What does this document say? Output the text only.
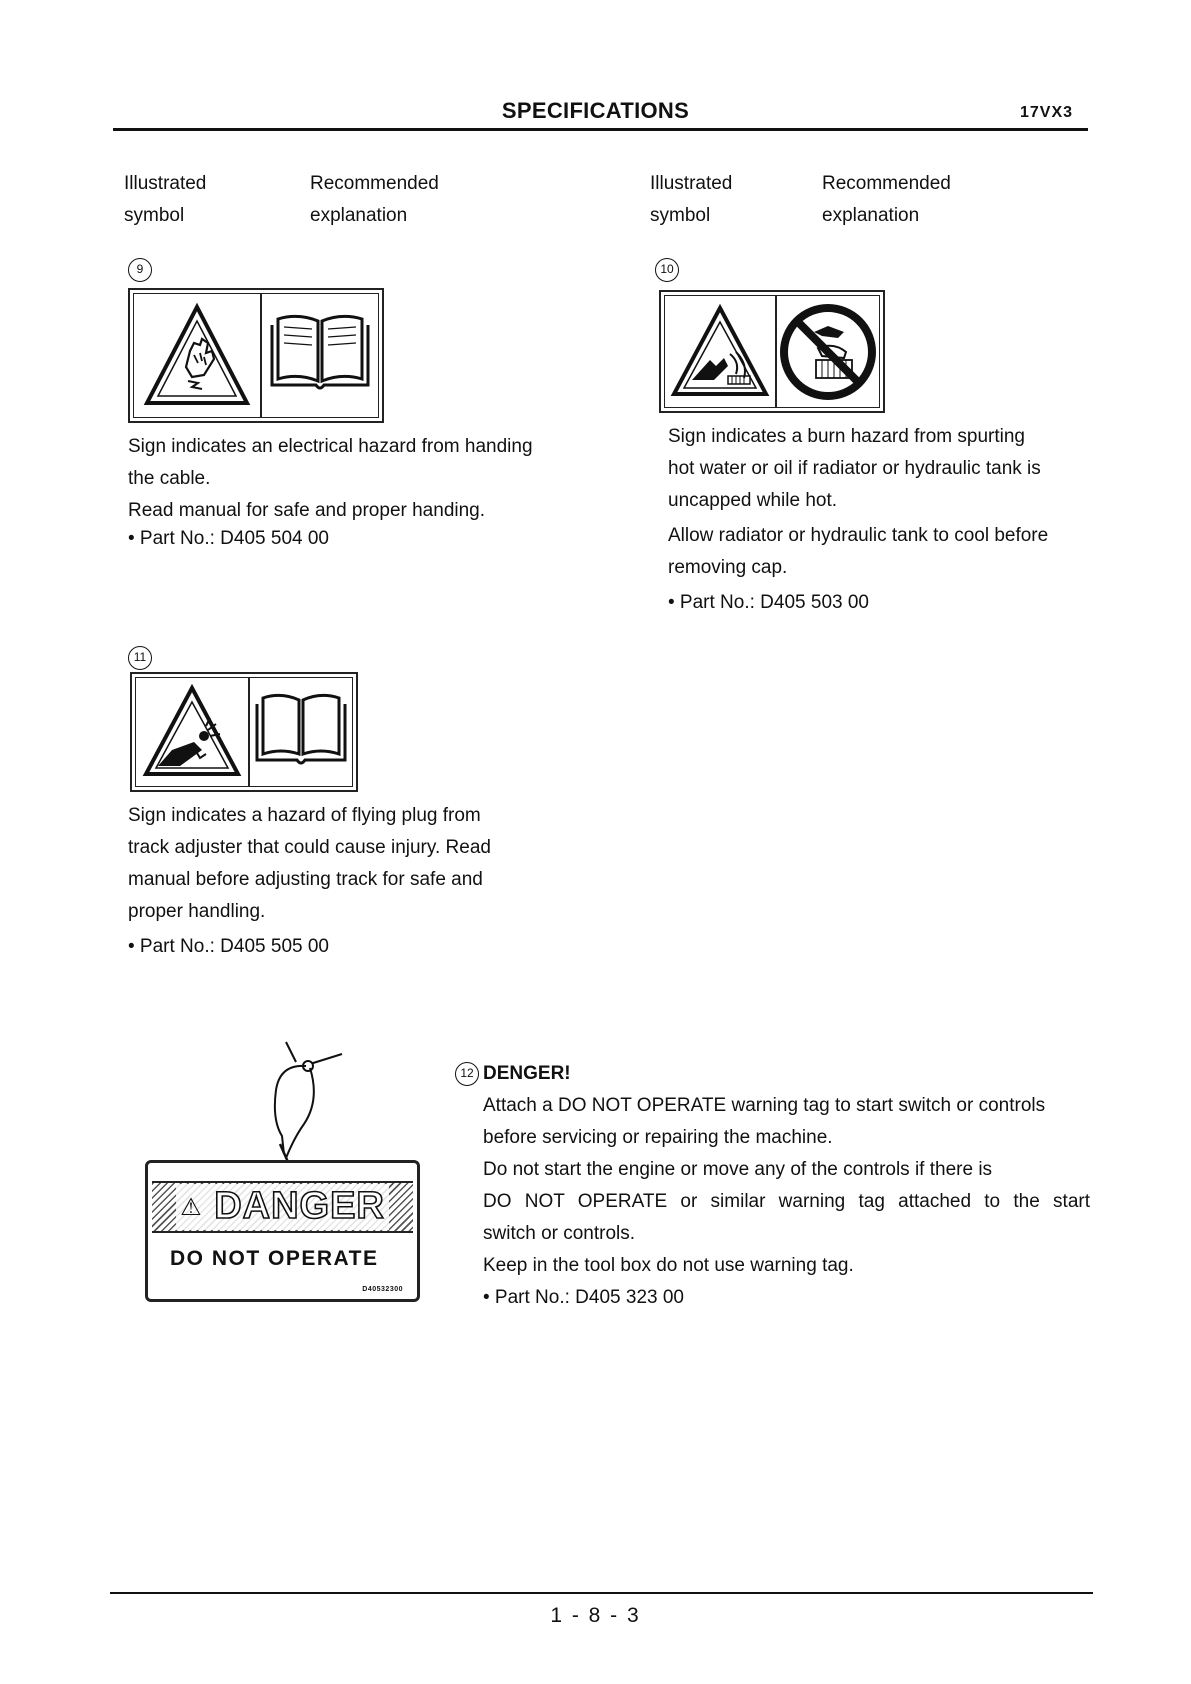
SPECIFICATIONS	17VX3
Illustrated
symbol
Recommended
explanation
Illustrated
symbol
Recommended
explanation
9

Sign indicates an electrical hazard from handing

the cable.

Read manual for safe and proper handing.

• Part No.: D405 504 00

10

Sign indicates a burn hazard from spurting

hot water or oil if radiator or hydraulic tank is

uncapped while hot.

Allow radiator or hydraulic tank to cool before

removing cap.

• Part No.: D405 503 00

11

Sign indicates a hazard of flying plug from

track adjuster that could cause injury. Read

manual before adjusting track for safe and

proper handling.

• Part No.: D405 505 00

⚠ DANGER
DO NOT OPERATE
D40532300
12 DENGER!

Attach a DO NOT OPERATE warning tag to start switch or controls

before servicing or repairing the machine.

Do not start the engine or move any of the controls if there is

DO NOT OPERATE or similar warning tag attached to the start

switch or controls.

Keep in the tool box do not use warning tag.

• Part No.: D405 323 00

1 - 8 - 3
